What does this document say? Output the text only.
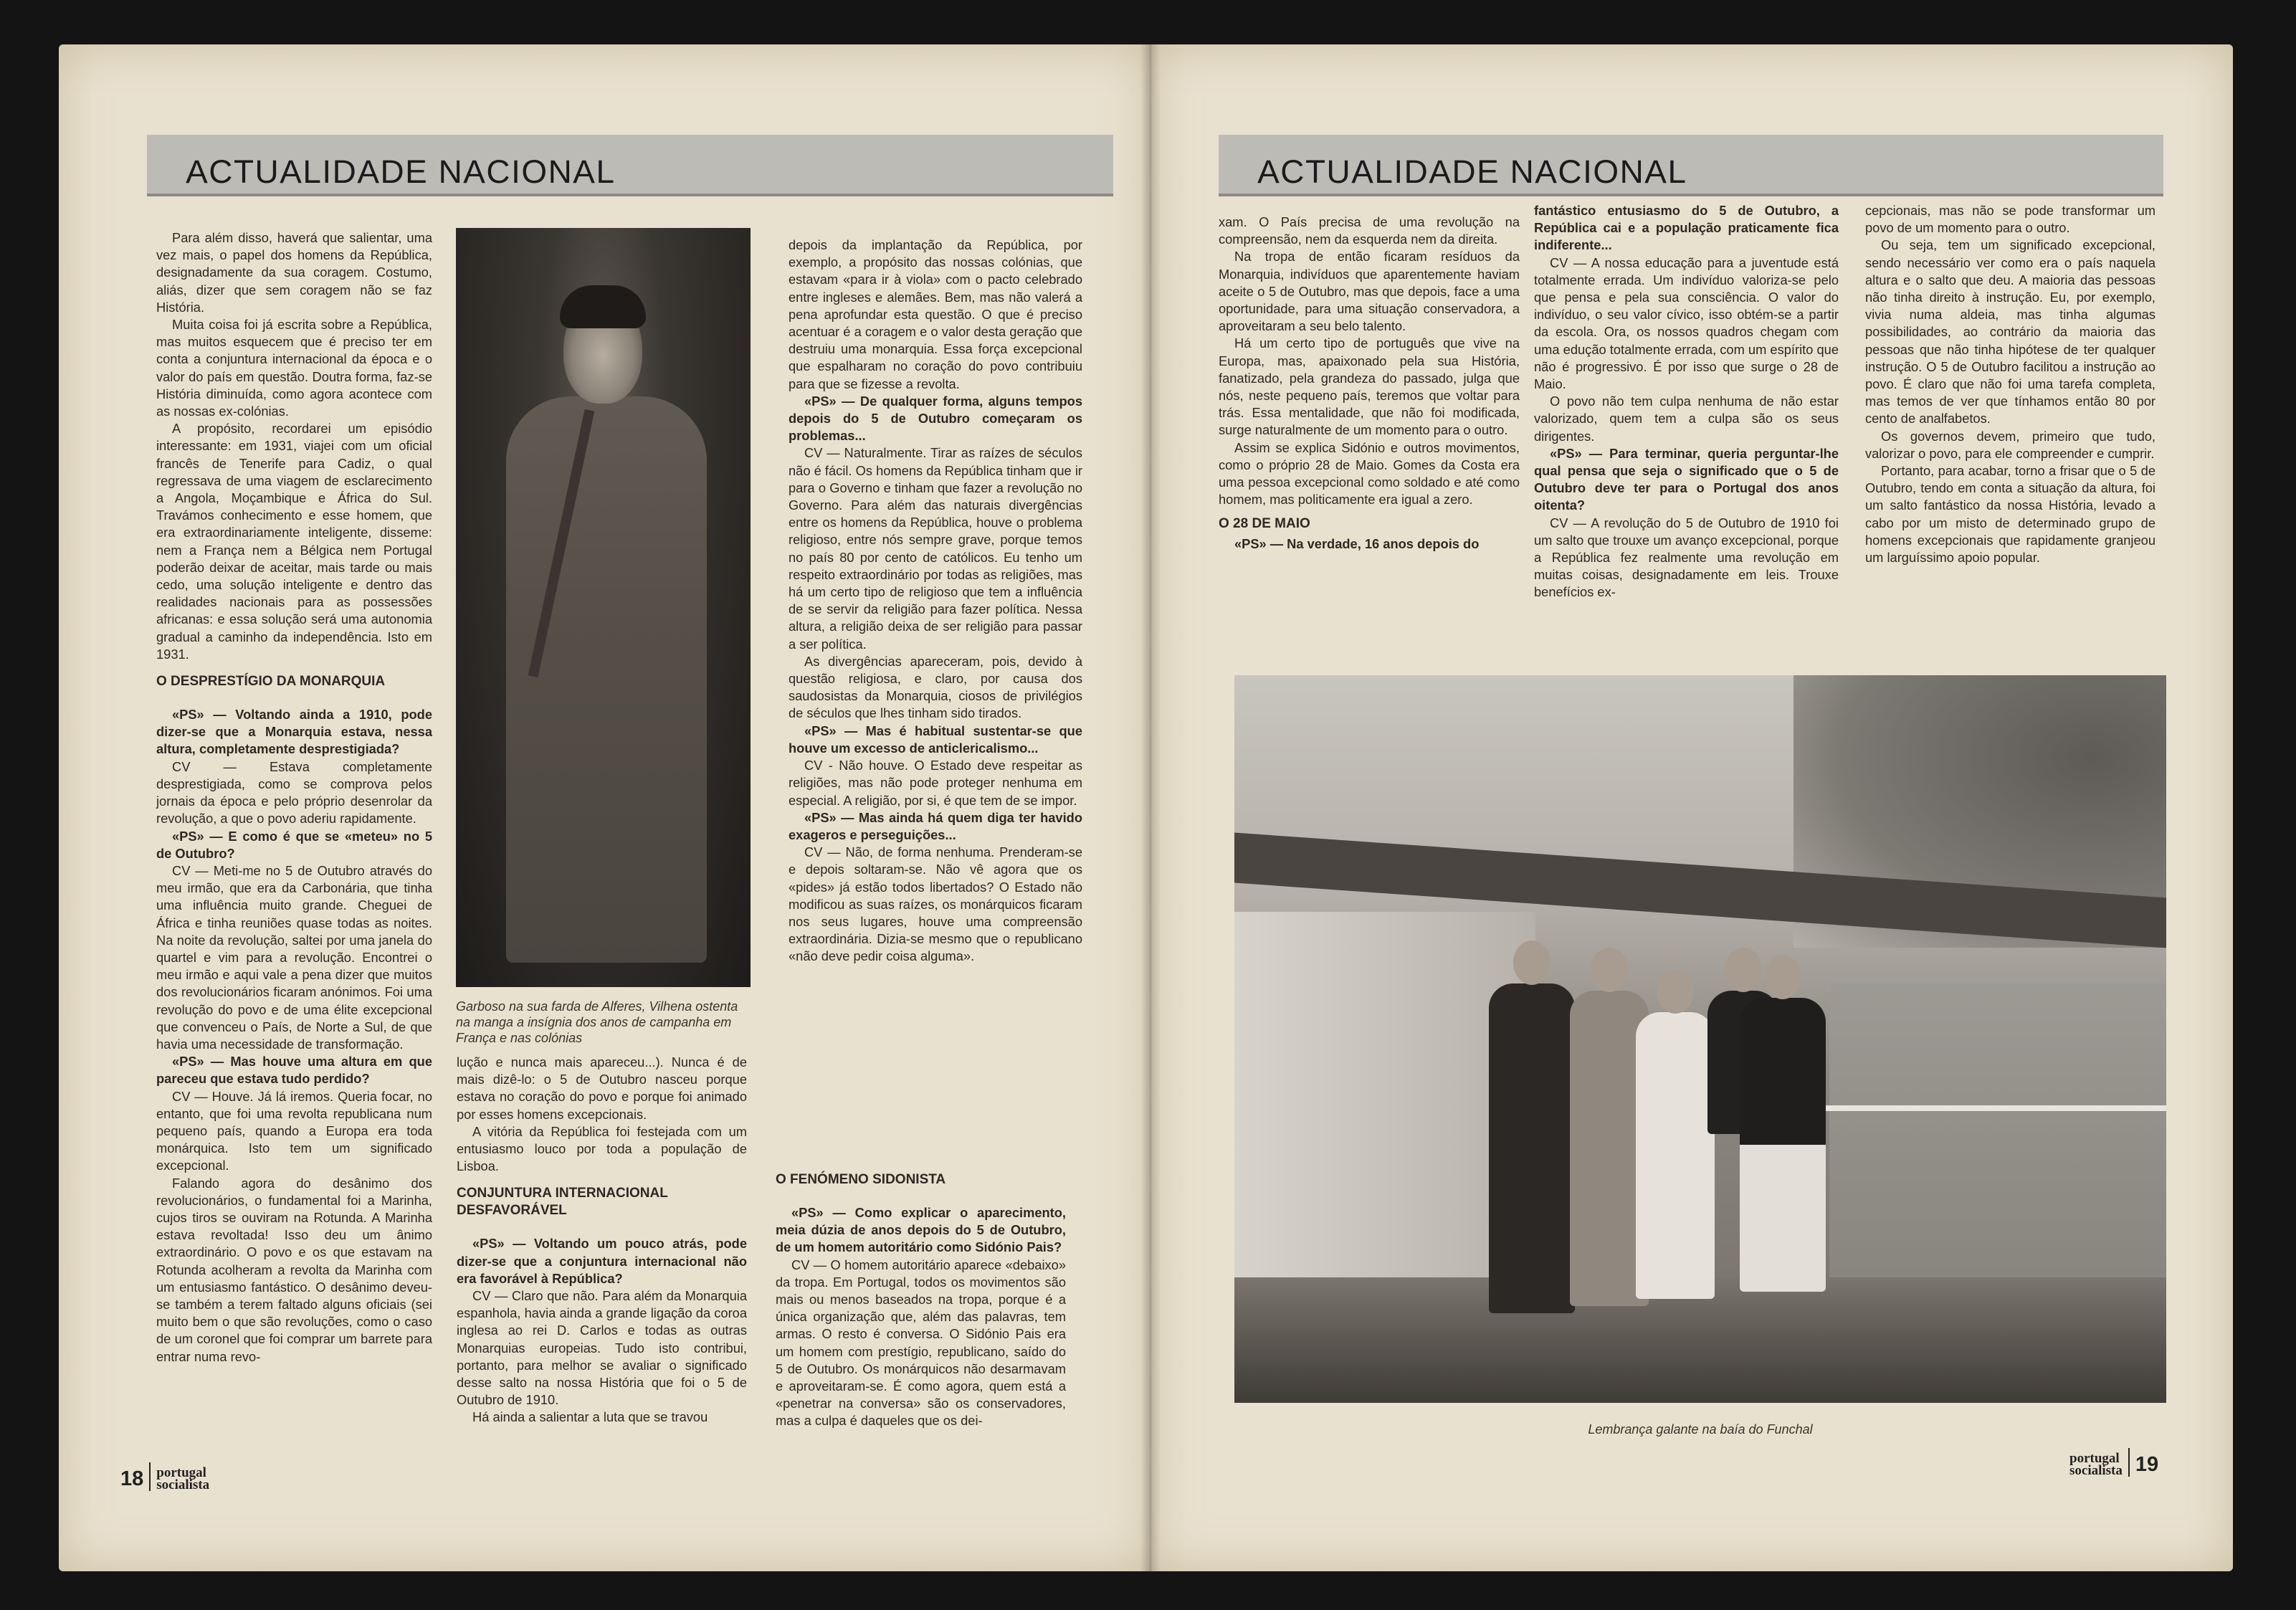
ACTUALIDADE NACIONAL	ACTUALIDADE NACIONAL

Para além disso, haverá que salientar, uma vez mais, o papel dos homens da República, designadamente da sua coragem. Costumo, aliás, dizer que sem coragem não se faz História.

Muita coisa foi já escrita sobre a República, mas muitos esquecem que é preciso ter em conta a conjuntura internacional da época e o valor do país em questão. Doutra forma, faz-se História diminuída, como agora acontece com as nossas ex-colónias.

A propósito, recordarei um episódio interessante: em 1931, viajei com um oficial francês de Tenerife para Cadiz, o qual regressava de uma viagem de esclarecimento a Angola, Moçambique e África do Sul. Travámos conhecimento e esse homem, que era extraordinariamente inteligente, disseme: nem a França nem a Bélgica nem Portugal poderão deixar de aceitar, mais tarde ou mais cedo, uma solução inteligente e dentro das realidades nacionais para as possessões africanas: e essa solução será uma autonomia gradual a caminho da independência. Isto em 1931.

O DESPRESTÍGIO DA MONARQUIA

«PS» — Voltando ainda a 1910, pode dizer-se que a Monarquia estava, nessa altura, completamente desprestigiada?

CV — Estava completamente desprestigiada, como se comprova pelos jornais da época e pelo próprio desenrolar da revolução, a que o povo aderiu rapidamente.

«PS» — E como é que se «meteu» no 5 de Outubro?

CV — Meti-me no 5 de Outubro através do meu irmão, que era da Carbonária, que tinha uma influência muito grande. Cheguei de África e tinha reuniões quase todas as noites. Na noite da revolução, saltei por uma janela do quartel e vim para a revolução. Encontrei o meu irmão e aqui vale a pena dizer que muitos dos revolucionários ficaram anónimos. Foi uma revolução do povo e de uma élite excepcional que convenceu o País, de Norte a Sul, de que havia uma necessidade de transformação.

«PS» — Mas houve uma altura em que pareceu que estava tudo perdido?

CV — Houve. Já lá iremos. Queria focar, no entanto, que foi uma revolta republicana num pequeno país, quando a Europa era toda monárquica. Isto tem um significado excepcional.

Falando agora do desânimo dos revolucionários, o fundamental foi a Marinha, cujos tiros se ouviram na Rotunda. A Marinha estava revoltada! Isso deu um ânimo extraordinário. O povo e os que estavam na Rotunda acolheram a revolta da Marinha com um entusiasmo fantástico. O desânimo deveu-se também a terem faltado alguns oficiais (sei muito bem o que são revoluções, como o caso de um coronel que foi comprar um barrete para entrar numa revo-

Garboso na sua farda de Alferes, Vilhena ostenta na manga a insígnia dos anos de campanha em França e nas colónias

lução e nunca mais apareceu...). Nunca é de mais dizê-lo: o 5 de Outubro nasceu porque estava no coração do povo e porque foi animado por esses homens excepcionais.

A vitória da República foi festejada com um entusiasmo louco por toda a população de Lisboa.

CONJUNTURA INTERNACIONAL DESFAVORÁVEL

«PS» — Voltando um pouco atrás, pode dizer-se que a conjuntura internacional não era favorável à República?

CV — Claro que não. Para além da Monarquia espanhola, havia ainda a grande ligação da coroa inglesa ao rei D. Carlos e todas as outras Monarquias europeias. Tudo isto contribui, portanto, para melhor se avaliar o significado desse salto na nossa História que foi o 5 de Outubro de 1910.

Há ainda a salientar a luta que se travou

depois da implantação da República, por exemplo, a propósito das nossas colónias, que estavam «para ir à viola» com o pacto celebrado entre ingleses e alemães. Bem, mas não valerá a pena aprofundar esta questão. O que é preciso acentuar é a coragem e o valor desta geração que destruiu uma monarquia. Essa força excepcional que espalharam no coração do povo contribuiu para que se fizesse a revolta.

«PS» — De qualquer forma, alguns tempos depois do 5 de Outubro começaram os problemas...

CV — Naturalmente. Tirar as raízes de séculos não é fácil. Os homens da República tinham que ir para o Governo e tinham que fazer a revolução no Governo. Para além das naturais divergências entre os homens da República, houve o problema religioso, entre nós sempre grave, porque temos no país 80 por cento de católicos. Eu tenho um respeito extraordinário por todas as religiões, mas há um certo tipo de religioso que tem a influência de se servir da religião para fazer política. Nessa altura, a religião deixa de ser religião para passar a ser política.

As divergências apareceram, pois, devido à questão religiosa, e claro, por causa dos saudosistas da Monarquia, ciosos de privilégios de séculos que lhes tinham sido tirados.

«PS» — Mas é habitual sustentar-se que houve um excesso de anticlericalismo...

CV - Não houve. O Estado deve respeitar as religiões, mas não pode proteger nenhuma em especial. A religião, por si, é que tem de se impor.

«PS» — Mas ainda há quem diga ter havido exageros e perseguições...

CV — Não, de forma nenhuma. Prenderam-se e depois soltaram-se. Não vê agora que os «pides» já estão todos libertados? O Estado não modificou as suas raízes, os monárquicos ficaram nos seus lugares, houve uma compreensão extraordinária. Dizia-se mesmo que o republicano «não deve pedir coisa alguma».

O FENÓMENO SIDONISTA

«PS» — Como explicar o aparecimento, meia dúzia de anos depois do 5 de Outubro, de um homem autoritário como Sidónio Pais?

CV — O homem autoritário aparece «debaixo» da tropa. Em Portugal, todos os movimentos são mais ou menos baseados na tropa, porque é a única organização que, além das palavras, tem armas. O resto é conversa. O Sidónio Pais era um homem com prestígio, republicano, saído do 5 de Outubro. Os monárquicos não desarmavam e aproveitaram-se. É como agora, quem está a «penetrar na conversa» são os conservadores, mas a culpa é daqueles que os dei-

xam. O País precisa de uma revolução na compreensão, nem da esquerda nem da direita.

Na tropa de então ficaram resíduos da Monarquia, indivíduos que aparentemente haviam aceite o 5 de Outubro, mas que depois, face a uma oportunidade, para uma situação conservadora, a aproveitaram a seu belo talento.

Há um certo tipo de português que vive na Europa, mas, apaixonado pela sua História, fanatizado, pela grandeza do passado, julga que nós, neste pequeno país, teremos que voltar para trás. Essa mentalidade, que não foi modificada, surge naturalmente de um momento para o outro.

Assim se explica Sidónio e outros movimentos, como o próprio 28 de Maio. Gomes da Costa era uma pessoa excepcional como soldado e até como homem, mas politicamente era igual a zero.

O 28 DE MAIO

«PS» — Na verdade, 16 anos depois do

fantástico entusiasmo do 5 de Outubro, a República cai e a população praticamente fica indiferente...

CV — A nossa educação para a juventude está totalmente errada. Um indivíduo valoriza-se pelo que pensa e pela sua consciência. O valor do indivíduo, o seu valor cívico, isso obtém-se a partir da escola. Ora, os nossos quadros chegam com uma edução totalmente errada, com um espírito que não é progressivo. É por isso que surge o 28 de Maio.

O povo não tem culpa nenhuma de não estar valorizado, quem tem a culpa são os seus dirigentes.

«PS» — Para terminar, queria perguntar-lhe qual pensa que seja o significado que o 5 de Outubro deve ter para o Portugal dos anos oitenta?

CV — A revolução do 5 de Outubro de 1910 foi um salto que trouxe um avanço excepcional, porque a República fez realmente uma revolução em muitas coisas, designadamente em leis. Trouxe benefícios ex-

cepcionais, mas não se pode transformar um povo de um momento para o outro.

Ou seja, tem um significado excepcional, sendo necessário ver como era o país naquela altura e o salto que deu. A maioria das pessoas não tinha direito à instrução. Eu, por exemplo, vivia numa aldeia, mas tinha algumas possibilidades, ao contrário da maioria das pessoas que não tinha hipótese de ter qualquer instrução. O 5 de Outubro facilitou a instrução ao povo. É claro que não foi uma tarefa completa, mas temos de ver que tínhamos então 80 por cento de analfabetos.

Os governos devem, primeiro que tudo, valorizar o povo, para ele compreender e cumprir.

Portanto, para acabar, torno a frisar que o 5 de Outubro, tendo em conta a situação da altura, foi um salto fantástico da nossa História, levado a cabo por um misto de determinado grupo de homens excepcionais que rapidamente granjeou um larguíssimo apoio popular.

Lembrança galante na baía do Funchal
18 portugal
socialista
portugal
socialista 19
